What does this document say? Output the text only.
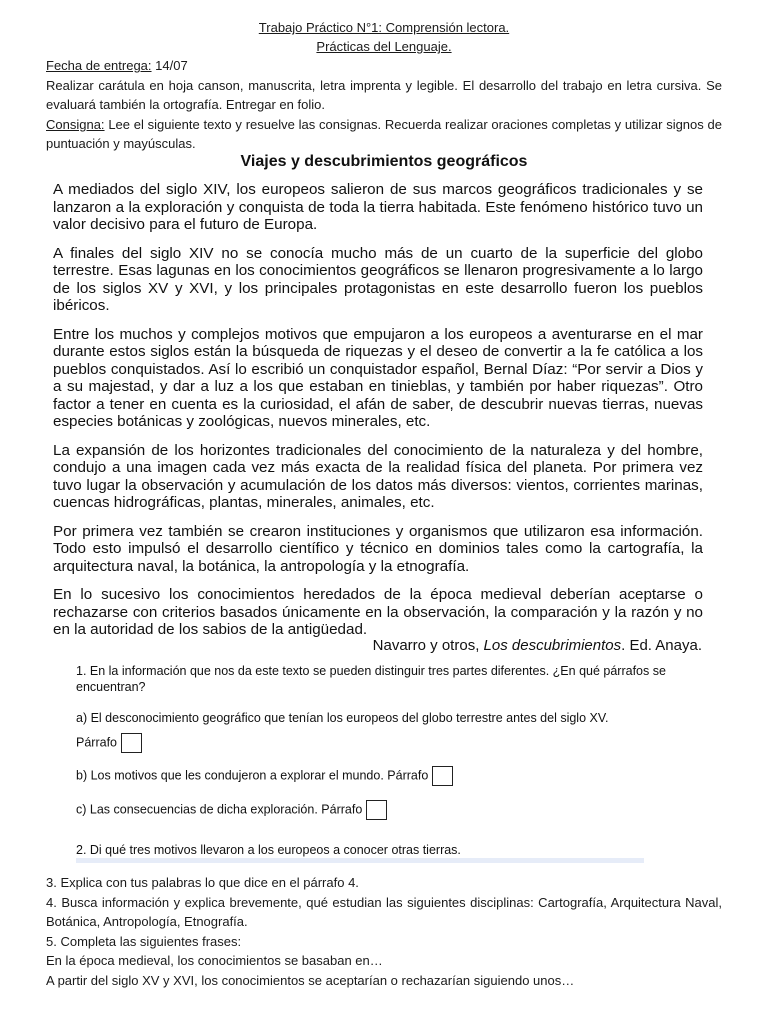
Trabajo Práctico N°1: Comprensión lectora.
Prácticas del Lenguaje.

Fecha de entrega: 14/07

Realizar carátula en hoja canson, manuscrita, letra imprenta y legible. El desarrollo del trabajo en letra cursiva. Se evaluará también la ortografía. Entregar en folio.

Consigna: Lee el siguiente texto y resuelve las consignas. Recuerda realizar oraciones completas y utilizar signos de puntuación y mayúsculas.

Viajes y descubrimientos geográficos

A mediados del siglo XIV, los europeos salieron de sus marcos geográficos tradicionales y se lanzaron a la exploración y conquista de toda la tierra habitada. Este fenómeno histórico tuvo un valor decisivo para el futuro de Europa.

A finales del siglo XIV no se conocía mucho más de un cuarto de la superficie del globo terrestre. Esas lagunas en los conocimientos geográficos se llenaron progresivamente a lo largo de los siglos XV y XVI, y los principales protagonistas en este desarrollo fueron los pueblos ibéricos.

Entre los muchos y complejos motivos que empujaron a los europeos a aventurarse en el mar durante estos siglos están la búsqueda de riquezas y el deseo de convertir a la fe católica a los pueblos conquistados. Así lo escribió un conquistador español, Bernal Díaz: “Por servir a Dios y a su majestad, y dar a luz a los que estaban en tinieblas, y también por haber riquezas”. Otro factor a tener en cuenta es la curiosidad, el afán de saber, de descubrir nuevas tierras, nuevas especies botánicas y zoológicas, nuevos minerales, etc.

La expansión de los horizontes tradicionales del conocimiento de la naturaleza y del hombre, condujo a una imagen cada vez más exacta de la realidad física del planeta. Por primera vez tuvo lugar la observación y acumulación de los datos más diversos: vientos, corrientes marinas, cuencas hidrográficas, plantas, minerales, animales, etc.

Por primera vez también se crearon instituciones y organismos que utilizaron esa información. Todo esto impulsó el desarrollo científico y técnico en dominios tales como la cartografía, la arquitectura naval, la botánica, la antropología y la etnografía.

En lo sucesivo los conocimientos heredados de la época medieval deberían aceptarse o rechazarse con criterios basados únicamente en la observación, la comparación y la razón y no en la autoridad de los sabios de la antigüedad.

Navarro y otros, Los descubrimientos. Ed. Anaya.
1. En la información que nos da este texto se pueden distinguir tres partes diferentes. ¿En qué párrafos se encuentran?
a) El desconocimiento geográfico que tenían los europeos del globo terrestre antes del siglo XV.
Párrafo
b) Los motivos que les condujeron a explorar el mundo. Párrafo
c) Las consecuencias de dicha exploración. Párrafo
2. Di qué tres motivos llevaron a los europeos a conocer otras tierras.

3. Explica con tus palabras lo que dice en el párrafo 4.

4. Busca información y explica brevemente, qué estudian las siguientes disciplinas: Cartografía, Arquitectura Naval, Botánica, Antropología, Etnografía.

5. Completa las siguientes frases:

En la época medieval, los conocimientos se basaban en…

A partir del siglo XV y XVI, los conocimientos se aceptarían o rechazarían siguiendo unos…
